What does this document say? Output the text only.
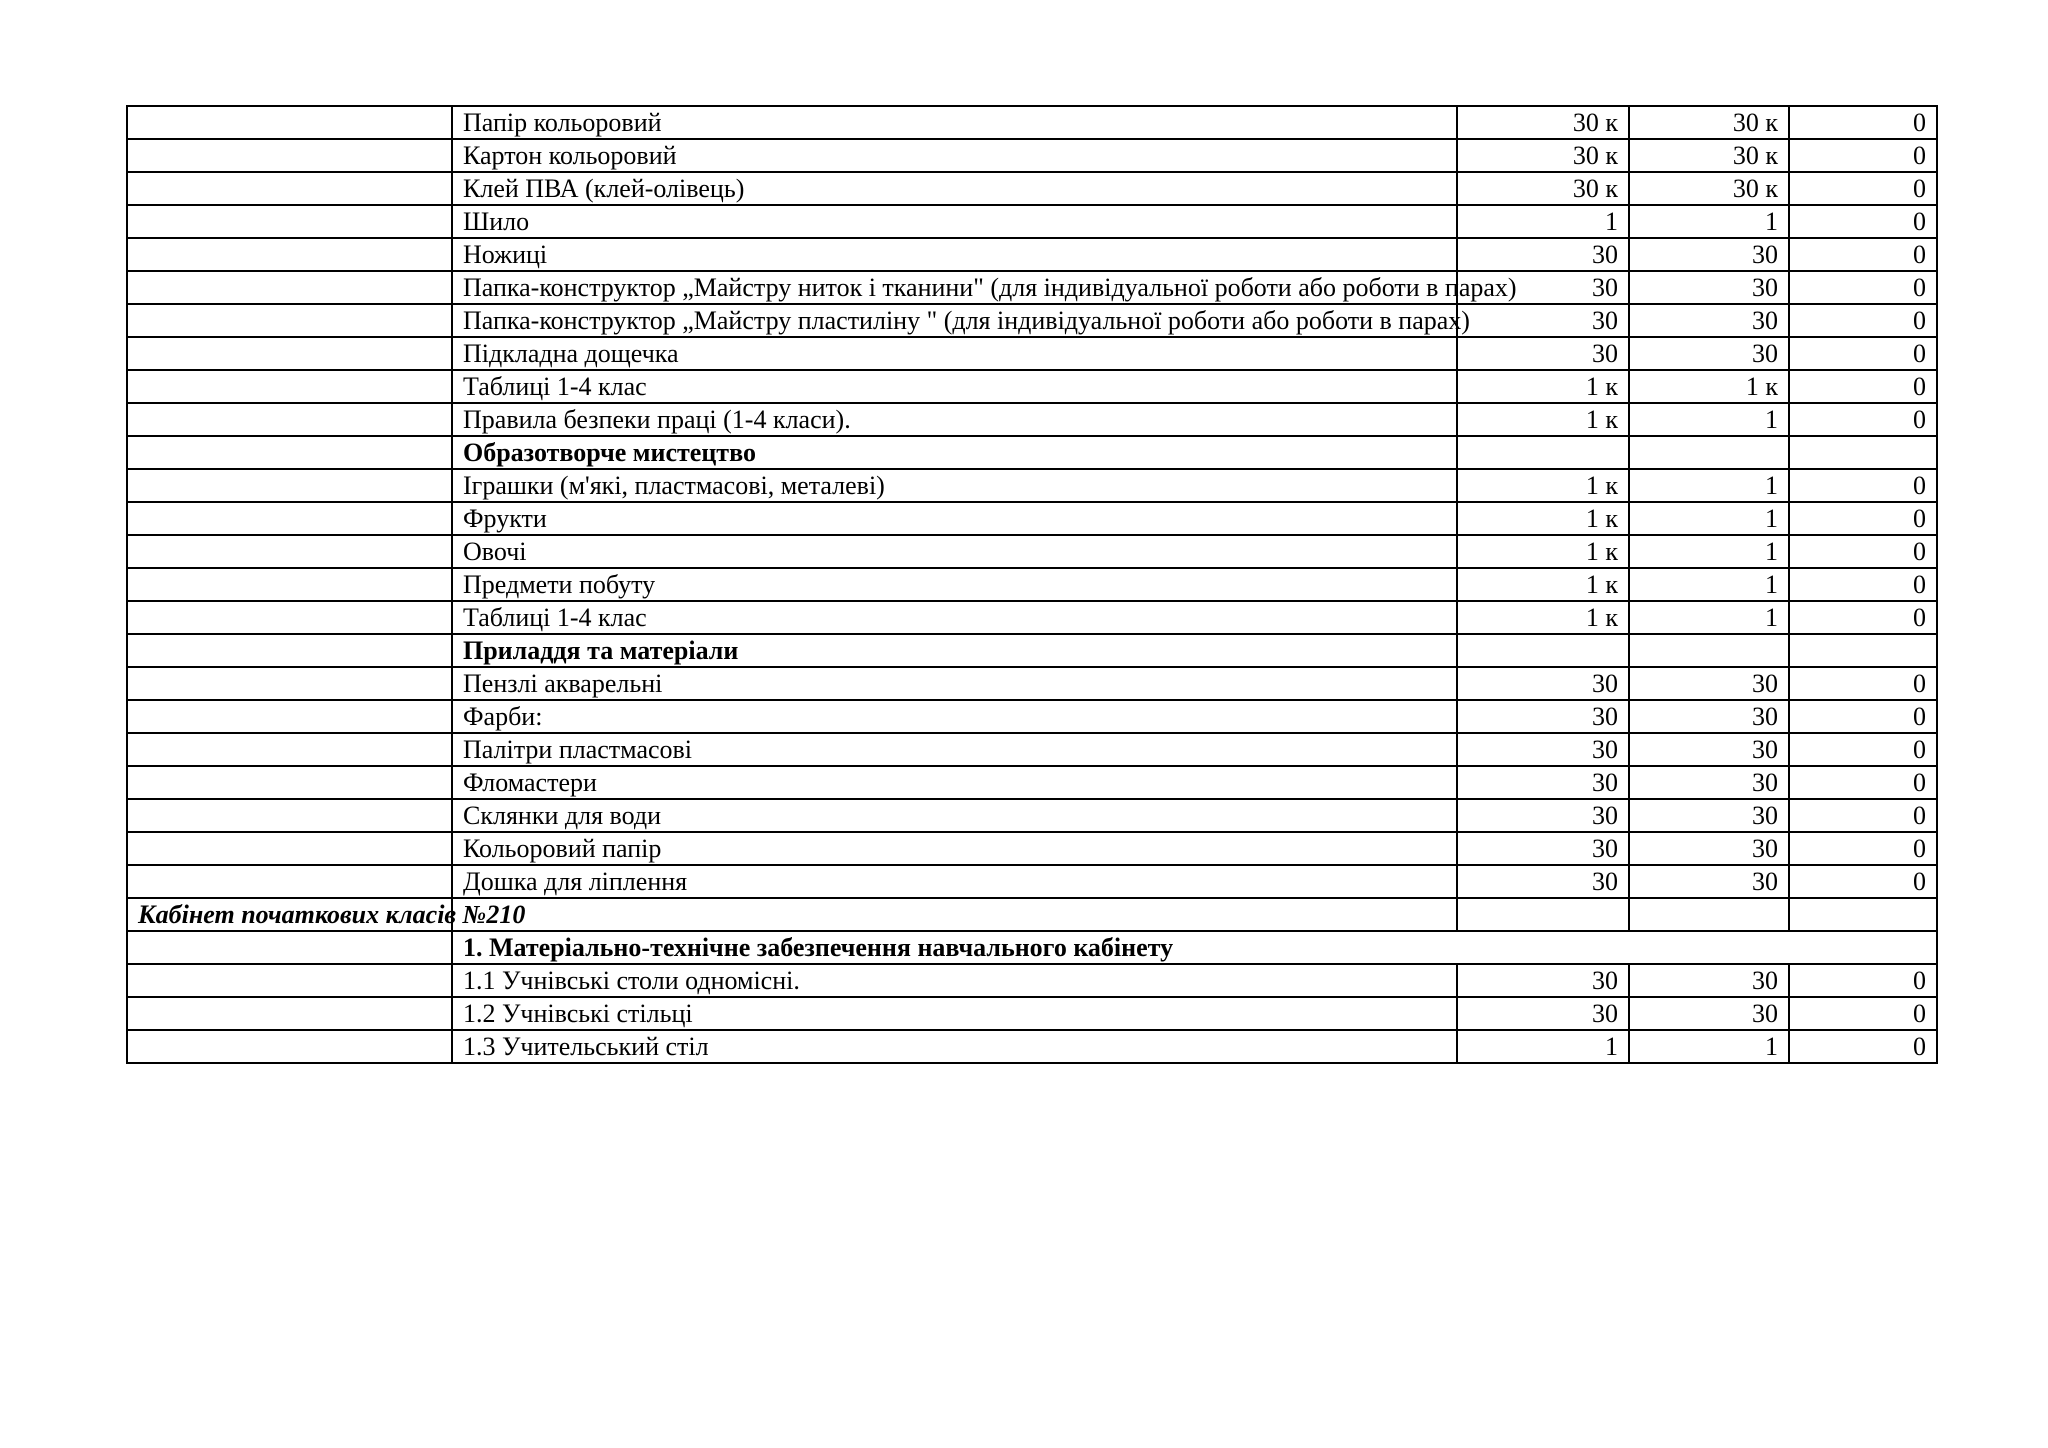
	Папір кольоровий	30 к	30 к	0
	Картон кольоровий	30 к	30 к	0
	Клей ПВА (клей-олівець)	30 к	30 к	0
	Шило	1	1	0
	Ножиці	30	30	0
	Папка-конструктор „Майстру ниток і тканини" (для індивідуальної роботи або роботи в парах)	30	30	0
	Папка-конструктор „Майстру пластиліну " (для індивідуальної роботи або роботи в парах)	30	30	0
	Підкладна дощечка	30	30	0
	Таблиці 1-4 клас	1 к	1 к	0
	Правила безпеки праці (1-4 класи).	1 к	1	0
	Образотворче мистецтво			
	Іграшки (м'які, пластмасові, металеві)	1 к	1	0
	Фрукти	1 к	1	0
	Овочі	1 к	1	0
	Предмети побуту	1 к	1	0
	Таблиці 1-4 клас	1 к	1	0
	Приладдя та матеріали			
	Пензлі акварельні	30	30	0
	Фарби:	30	30	0
	Палітри пластмасові	30	30	0
	Фломастери	30	30	0
	Склянки для води	30	30	0
	Кольоровий папір	30	30	0
	Дошка для ліплення	30	30	0
Кабінет початкових класів №210				
	1. Матеріально-технічне забезпечення навчального кабінету			
	1.1 Учнівські столи одномісні.	30	30	0
	1.2 Учнівські стільці	30	30	0
	1.3 Учительський стіл	1	1	0
